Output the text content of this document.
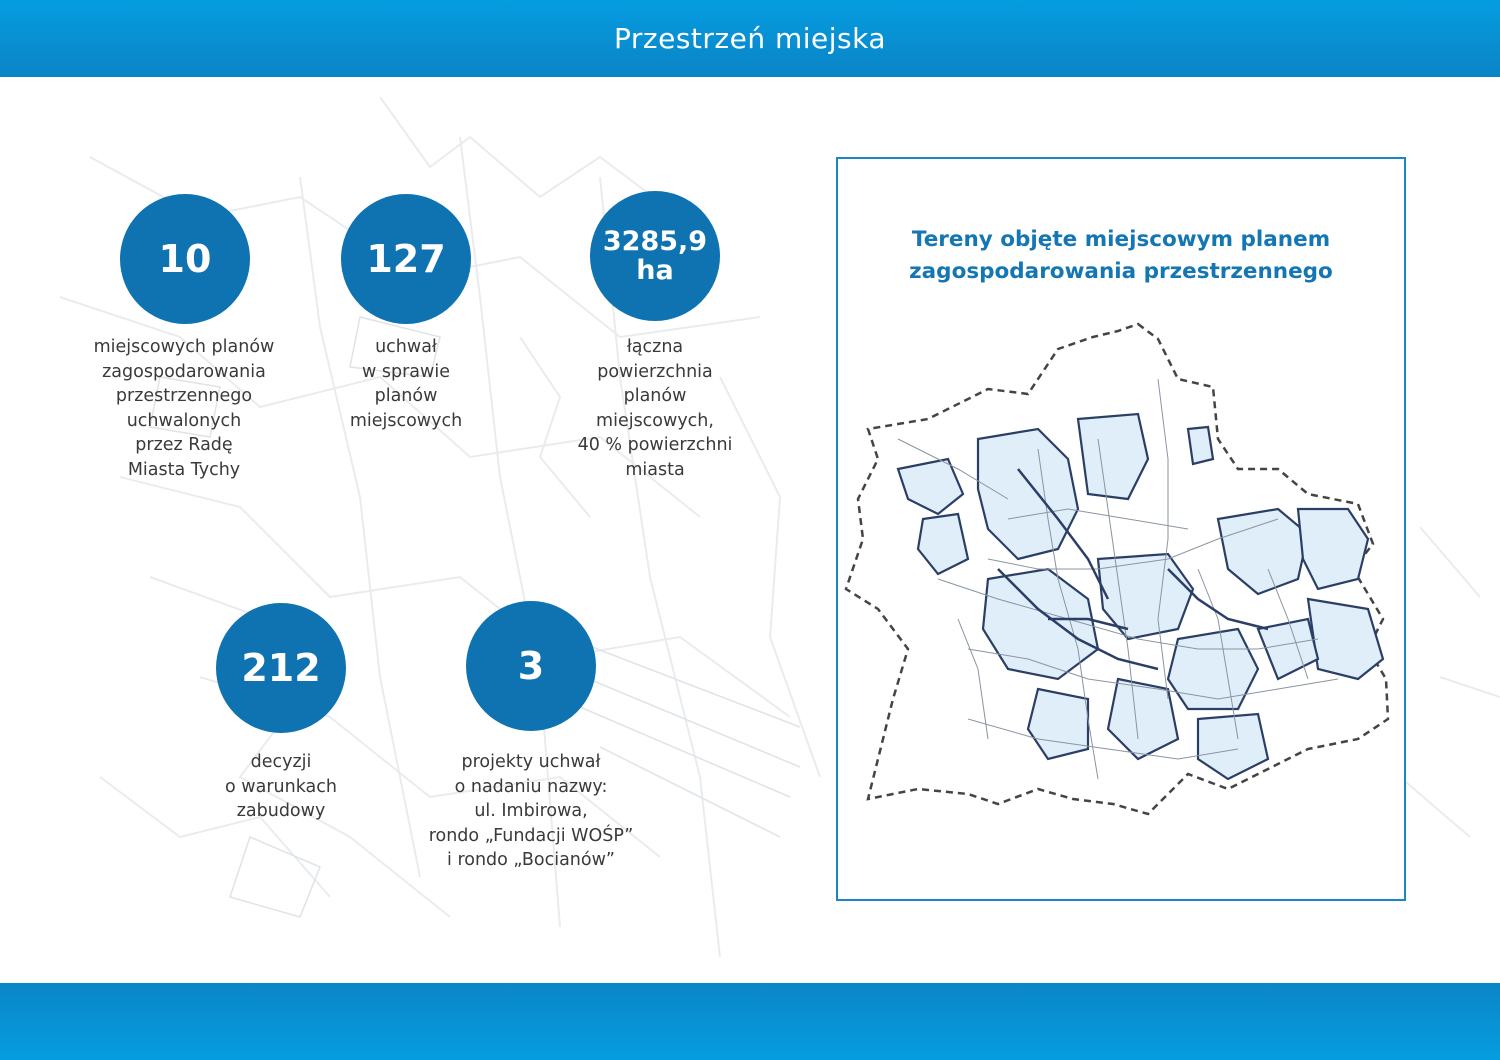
Przestrzeń miejska
10
miejscowych planów
zagospodarowania
przestrzennego
uchwalonych
przez Radę
Miasta Tychy
127
uchwał
w sprawie
planów
miejscowych
3285,9
ha
łączna
powierzchnia
planów
miejscowych,
40 % powierzchni
miasta
212
decyzji
o warunkach
zabudowy
3
projekty uchwał
o nadaniu nazwy:
ul. Imbirowa,
rondo „Fundacji WOŚP”
i rondo „Bocianów”
Tereny objęte miejscowym planem
zagospodarowania przestrzennego
